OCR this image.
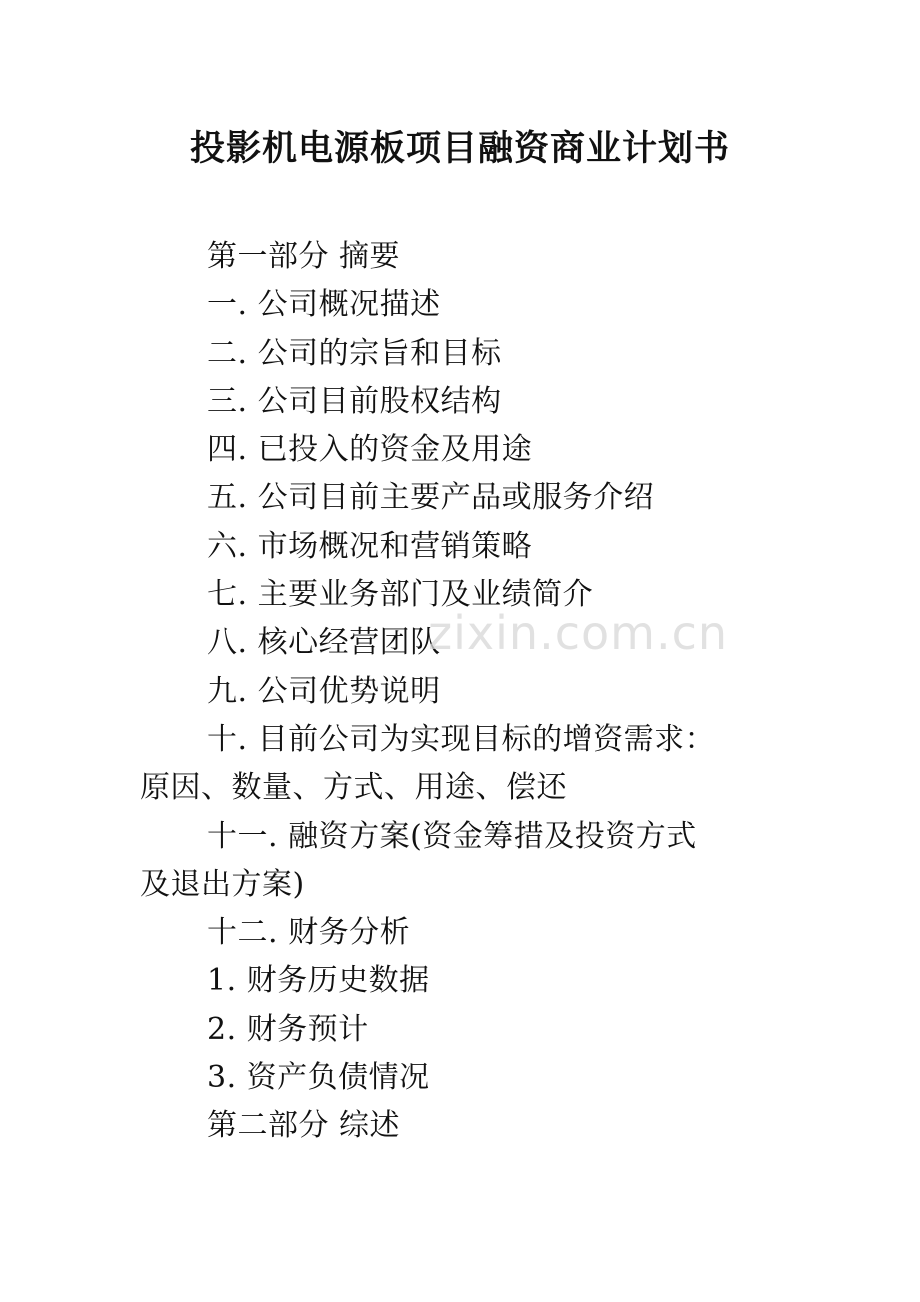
投影机电源板项目融资商业计划书
第一部分 摘要
一. 公司概况描述
二. 公司的宗旨和目标
三. 公司目前股权结构
四. 已投入的资金及用途
五. 公司目前主要产品或服务介绍
六. 市场概况和营销策略
七. 主要业务部门及业绩简介
八. 核心经营团队
九. 公司优势说明
十. 目前公司为实现目标的增资需求：
原因、数量、方式、用途、偿还
十一. 融资方案(资金筹措及投资方式
及退出方案)
十二. 财务分析
1. 财务历史数据
2. 财务预计
3. 资产负债情况
第二部分 综述
zixin.com.cn
